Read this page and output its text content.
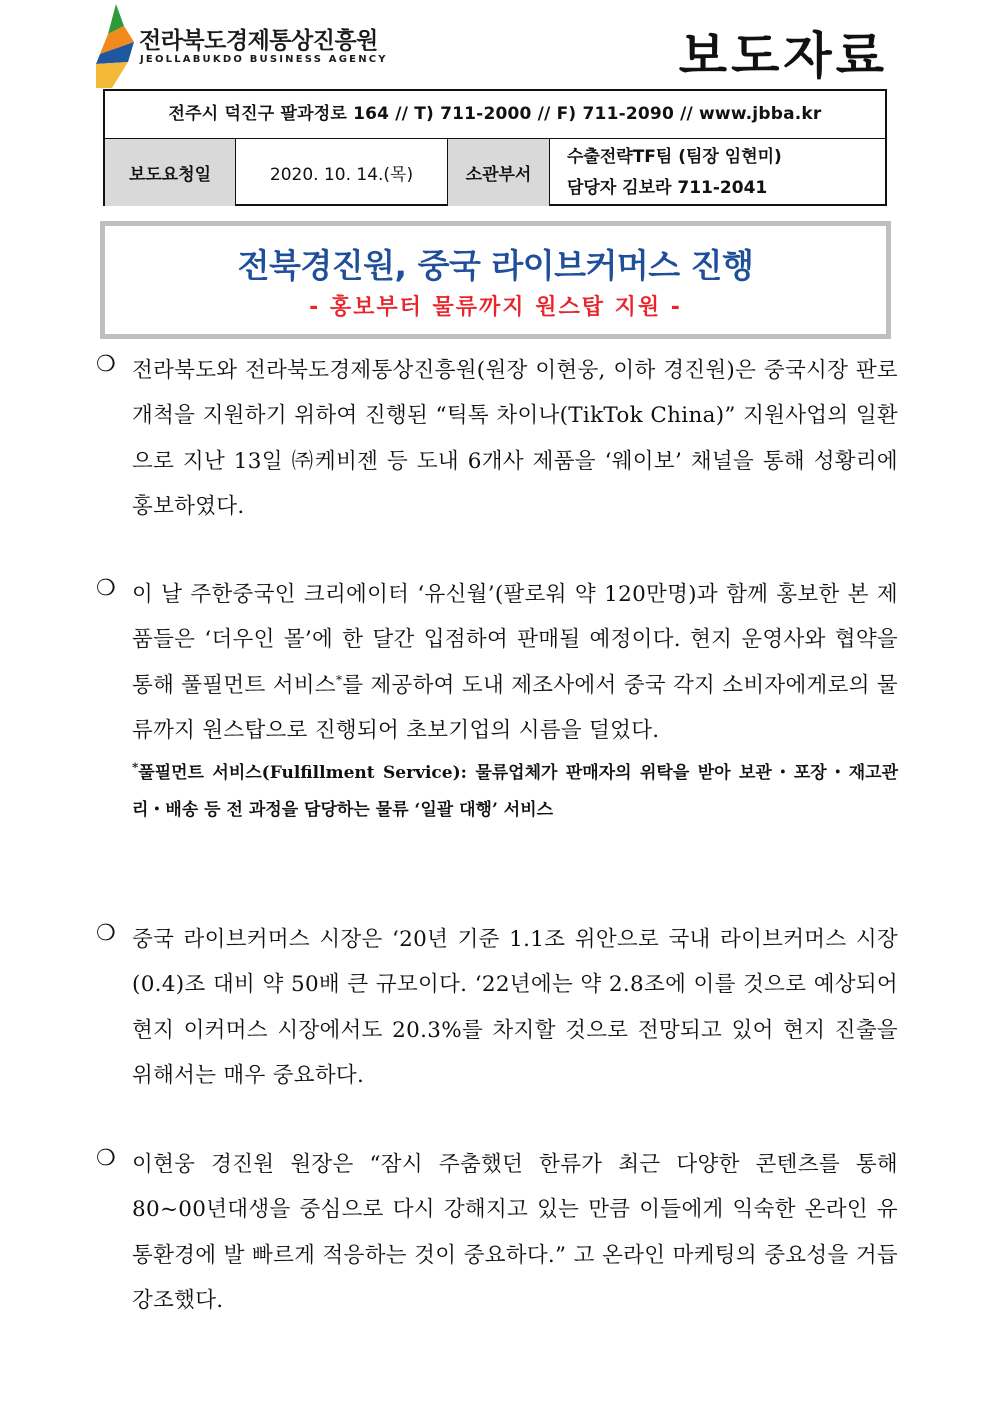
전라북도경제통상진흥원
JEOLLABUKDO BUSINESS AGENCY	보도자료
전주시 덕진구 팔과정로 164 // T) 711-2000 // F) 711-2090 // www.jbba.kr
보도요청일	2020. 10. 14.(목)	소관부서
수출전략TF팀 (팀장 임현미)
담당자 김보라 711-2041
전북경진원, 중국 라이브커머스 진행
- 홍보부터 물류까지 원스탑 지원 -
❍ 전라북도와 전라북도경제통상진흥원(원장 이현웅, 이하 경진원)은 중국시장 판로개척을 지원하기 위하여 진행된 “틱톡 차이나(TikTok China)” 지원사업의 일환으로 지난 13일 ㈜케비젠 등 도내 6개사 제품을 ‘웨이보’ 채널을 통해 성황리에 홍보하였다.
❍ 이 날 주한중국인 크리에이터 ‘유신월’(팔로워 약 120만명)과 함께 홍보한 본 제품들은 ‘더우인 몰’에 한 달간 입점하여 판매될 예정이다. 현지 운영사와 협약을 통해 풀필먼트 서비스*를 제공하여 도내 제조사에서 중국 각지 소비자에게로의 물류까지 원스탑으로 진행되어 초보기업의 시름을 덜었다.
*풀필먼트 서비스(Fulfillment Service): 물류업체가 판매자의 위탁을 받아 보관・포장・재고관리・배송 등 전 과정을 담당하는 물류 ‘일괄 대행’ 서비스
❍ 중국 라이브커머스 시장은 ‘20년 기준 1.1조 위안으로 국내 라이브커머스 시장(0.4)조 대비 약 50배 큰 규모이다. ‘22년에는 약 2.8조에 이를 것으로 예상되어 현지 이커머스 시장에서도 20.3%를 차지할 것으로 전망되고 있어 현지 진출을 위해서는 매우 중요하다.
❍ 이현웅 경진원 원장은 “잠시 주춤했던 한류가 최근 다양한 콘텐츠를 통해 80~00년대생을 중심으로 다시 강해지고 있는 만큼 이들에게 익숙한 온라인 유통환경에 발 빠르게 적응하는 것이 중요하다.” 고 온라인 마케팅의 중요성을 거듭 강조했다.
